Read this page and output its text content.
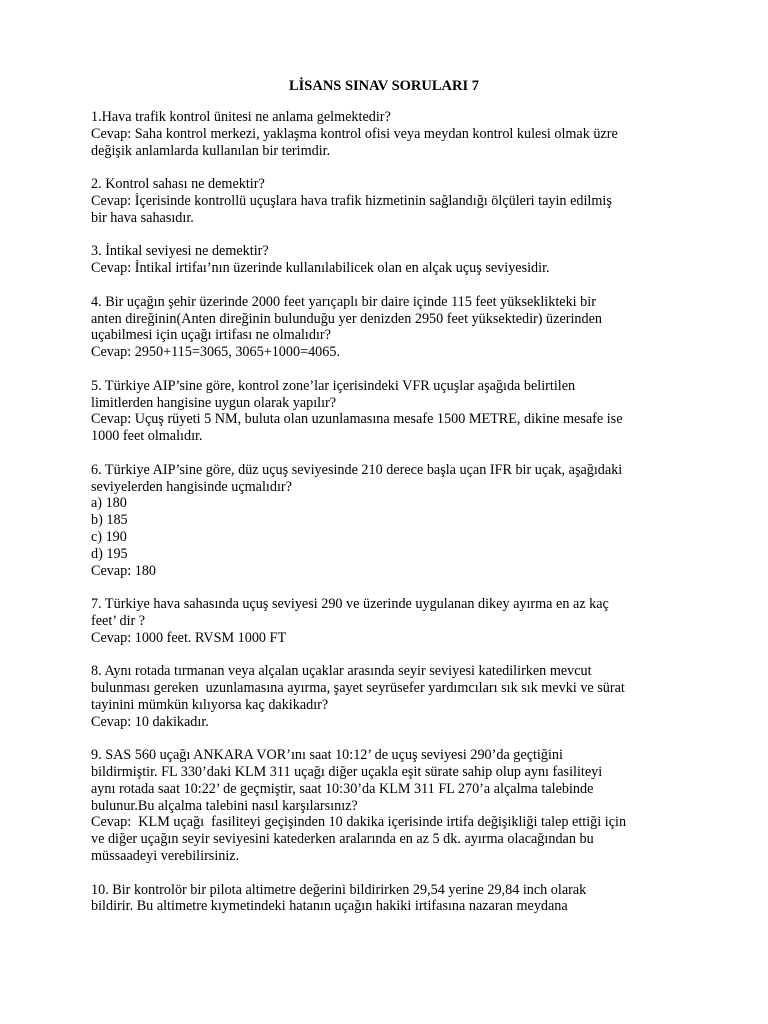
LİSANS SINAV SORULARI 7
1.Hava trafik kontrol ünitesi ne anlama gelmektedir?
Cevap: Saha kontrol merkezi, yaklaşma kontrol ofisi veya meydan kontrol kulesi olmak üzre
değişik anlamlarda kullanılan bir terimdir.
2. Kontrol sahası ne demektir?
Cevap: İçerisinde kontrollü uçuşlara hava trafik hizmetinin sağlandığı ölçüleri tayin edilmiş
bir hava sahasıdır.
3. İntikal seviyesi ne demektir?
Cevap: İntikal irtifaı’nın üzerinde kullanılabilicek olan en alçak uçuş seviyesidir.
4. Bir uçağın şehir üzerinde 2000 feet yarıçaplı bir daire içinde 115 feet yükseklikteki bir
anten direğinin(Anten direğinin bulunduğu yer denizden 2950 feet yüksektedir) üzerinden
uçabilmesi için uçağı irtifası ne olmalıdır?
Cevap: 2950+115=3065, 3065+1000=4065.
5. Türkiye AIP’sine göre, kontrol zone’lar içerisindeki VFR uçuşlar aşağıda belirtilen
limitlerden hangisine uygun olarak yapılır?
Cevap: Uçuş rüyeti 5 NM, buluta olan uzunlamasına mesafe 1500 METRE, dikine mesafe ise
1000 feet olmalıdır.
6. Türkiye AIP’sine göre, düz uçuş seviyesinde 210 derece başla uçan IFR bir uçak, aşağıdaki
seviyelerden hangisinde uçmalıdır?
a) 180
b) 185
c) 190
d) 195
Cevap: 180
7. Türkiye hava sahasında uçuş seviyesi 290 ve üzerinde uygulanan dikey ayırma en az kaç
feet’ dir ?
Cevap: 1000 feet. RVSM 1000 FT
8. Aynı rotada tırmanan veya alçalan uçaklar arasında seyir seviyesi katedilirken mevcut
bulunması gereken  uzunlamasına ayırma, şayet seyrüsefer yardımcıları sık sık mevki ve sürat
tayinini mümkün kılıyorsa kaç dakikadır?
Cevap: 10 dakikadır.
9. SAS 560 uçağı ANKARA VOR’ını saat 10:12’ de uçuş seviyesi 290’da geçtiğini
bildirmiştir. FL 330’daki KLM 311 uçağı diğer uçakla eşit sürate sahip olup aynı fasiliteyi
aynı rotada saat 10:22’ de geçmiştir, saat 10:30’da KLM 311 FL 270’a alçalma talebinde
bulunur.Bu alçalma talebini nasıl karşılarsınız?
Cevap:  KLM uçağı  fasiliteyi geçişinden 10 dakika içerisinde irtifa değişikliği talep ettiği için
ve diğer uçağın seyir seviyesini katederken aralarında en az 5 dk. ayırma olacağından bu
müssaadeyi verebilirsiniz.
10. Bir kontrolör bir pilota altimetre değerini bildirirken 29,54 yerine 29,84 inch olarak
bildirir. Bu altimetre kıymetindeki hatanın uçağın hakiki irtifasına nazaran meydana
